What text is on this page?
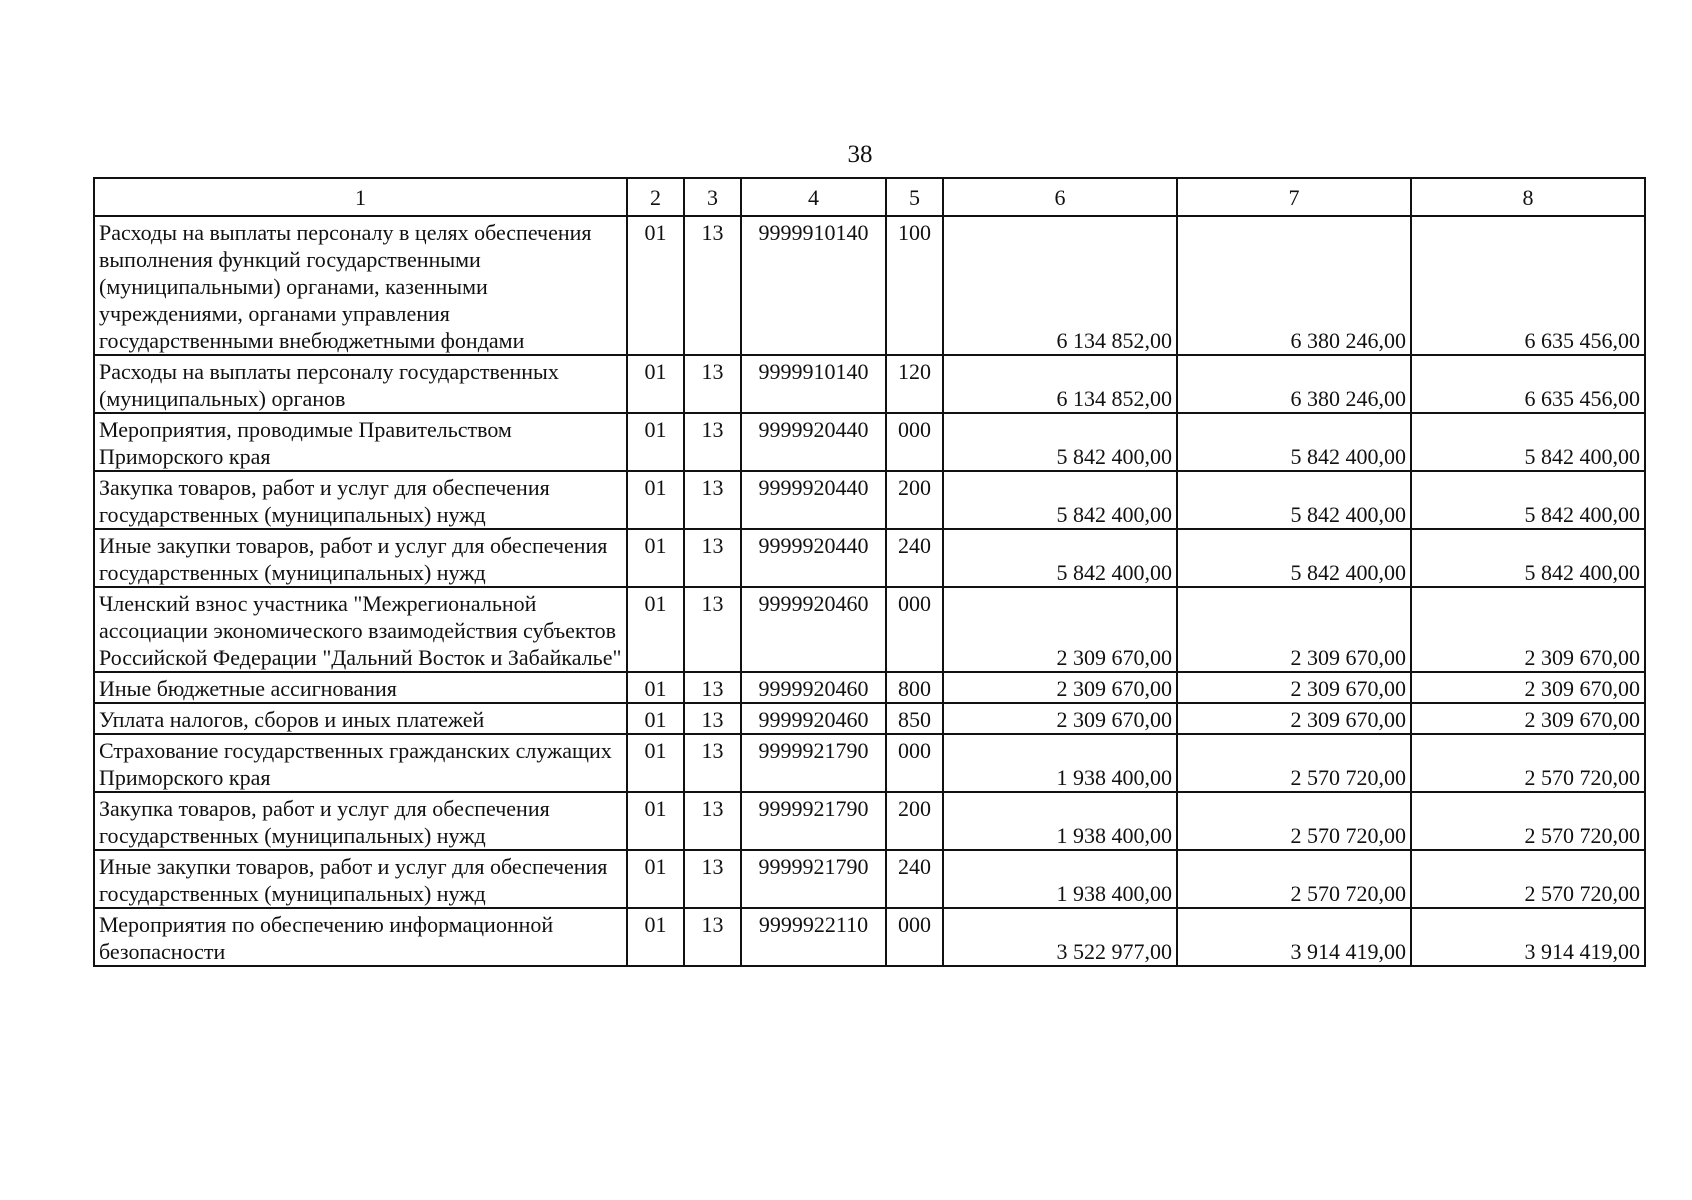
38
1	2	3	4	5	6	7	8
Расходы на выплаты персоналу в целях обеспечения выполнения функций государственными (муниципальными) органами, казенными учреждениями, органами управления государственными внебюджетными фондами	01	13	9999910140	100	6 134 852,00	6 380 246,00	6 635 456,00
Расходы на выплаты персоналу государственных (муниципальных) органов	01	13	9999910140	120	6 134 852,00	6 380 246,00	6 635 456,00
Мероприятия, проводимые Правительством Приморского края	01	13	9999920440	000	5 842 400,00	5 842 400,00	5 842 400,00
Закупка товаров, работ и услуг для обеспечения государственных (муниципальных) нужд	01	13	9999920440	200	5 842 400,00	5 842 400,00	5 842 400,00
Иные закупки товаров, работ и услуг для обеспечения государственных (муниципальных) нужд	01	13	9999920440	240	5 842 400,00	5 842 400,00	5 842 400,00
Членский взнос участника "Межрегиональной ассоциации экономического взаимодействия субъектов Российской Федерации "Дальний Восток и Забайкалье"	01	13	9999920460	000	2 309 670,00	2 309 670,00	2 309 670,00
Иные бюджетные ассигнования	01	13	9999920460	800	2 309 670,00	2 309 670,00	2 309 670,00
Уплата налогов, сборов и иных платежей	01	13	9999920460	850	2 309 670,00	2 309 670,00	2 309 670,00
Страхование государственных гражданских служащих Приморского края	01	13	9999921790	000	1 938 400,00	2 570 720,00	2 570 720,00
Закупка товаров, работ и услуг для обеспечения государственных (муниципальных) нужд	01	13	9999921790	200	1 938 400,00	2 570 720,00	2 570 720,00
Иные закупки товаров, работ и услуг для обеспечения государственных (муниципальных) нужд	01	13	9999921790	240	1 938 400,00	2 570 720,00	2 570 720,00
Мероприятия по обеспечению информационной безопасности	01	13	9999922110	000	3 522 977,00	3 914 419,00	3 914 419,00
